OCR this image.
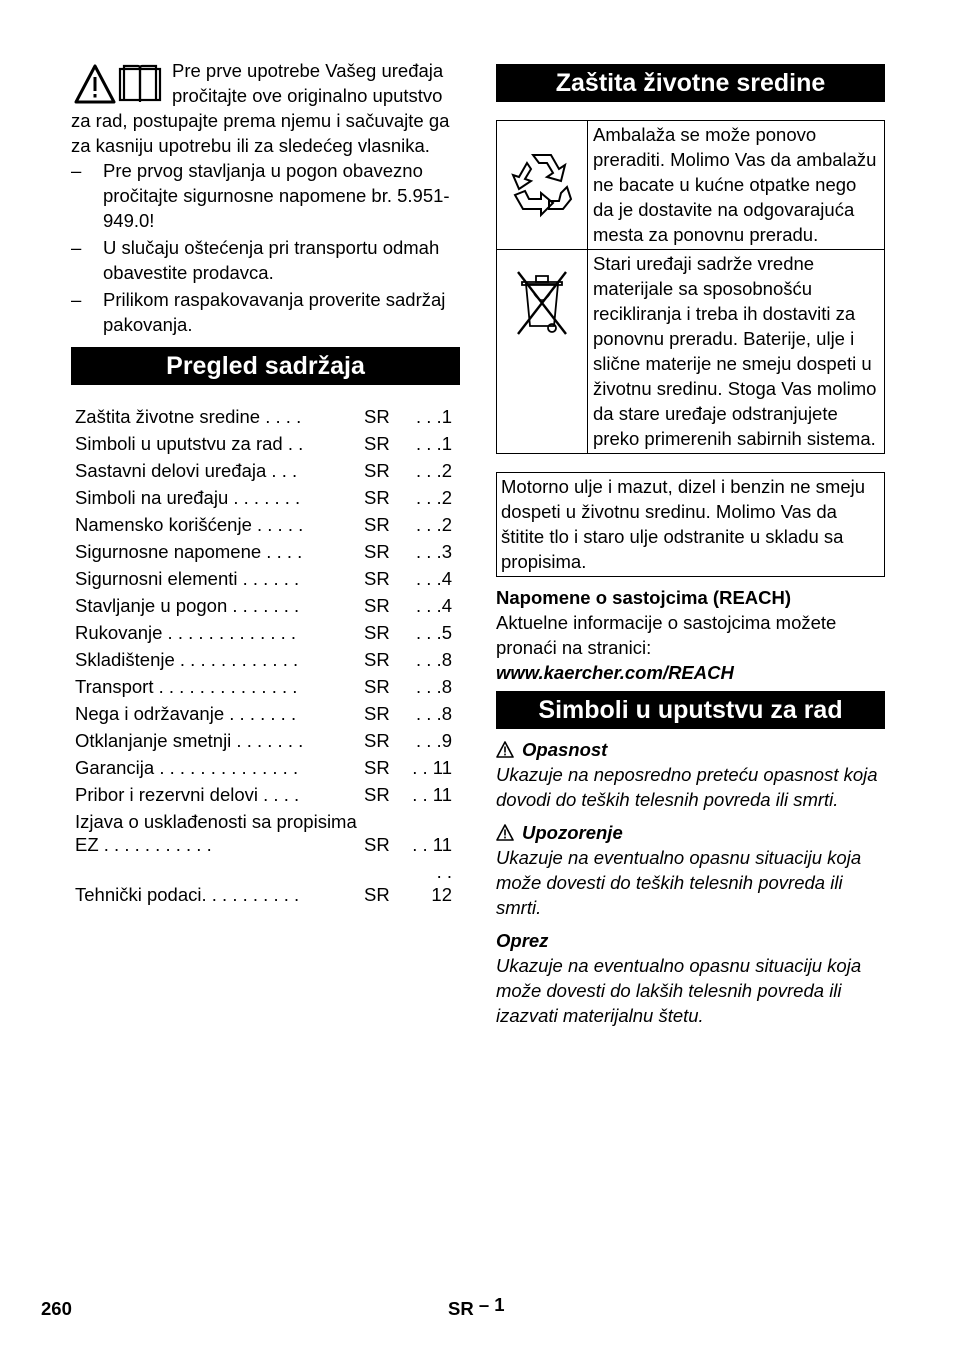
Pre prve upotrebe Vašeg uređaja pročitajte ove originalno uputstvo za rad, postupajte prema njemu i sačuvajte ga za kasniju upotrebu ili za sledećeg vlasnika.

– Pre prvog stavljanja u pogon obavezno pročitajte sigurnosne napomene br. 5.951-949.0!
– U slučaju oštećenja pri transportu odmah obavestite prodavca.
– Prilikom raspakovavanja proverite sadržaj pakovanja.
Pregled sadržaja
Zaštita životne sredine . . . .	SR	. . .1
Simboli u uputstvu za rad . .	SR	. . .1
Sastavni delovi uređaja . . .	SR	. . .2
Simboli na uređaju . . . . . . .	SR	. . .2
Namensko korišćenje . . . . .	SR	. . .2
Sigurnosne napomene . . . .	SR	. . .3
Sigurnosni elementi . . . . . .	SR	. . .4
Stavljanje u pogon . . . . . . .	SR	. . .4
Rukovanje . . . . . . . . . . . . .	SR	. . .5
Skladištenje . . . . . . . . . . . .	SR	. . .8
Transport . . . . . . . . . . . . . .	SR	. . .8
Nega i održavanje . . . . . . .	SR	. . .8
Otklanjanje smetnji . . . . . . .	SR	. . .9
Garancija . . . . . . . . . . . . . .	SR	. . 11
Pribor i rezervni delovi . . . .	SR	. . 11
Izjava o usklađenosti sa propisima EZ . . . . . . . . . . .	SR	. . 11
Tehnički podaci. . . . . . . . . .	SR	. . 12
Zaštita životne sredine
	Ambalaža se može ponovo preraditi. Molimo Vas da ambalažu ne bacate u kućne otpatke nego da je dostavite na odgovarajuća mesta za ponovnu preradu.
	Stari uređaji sadrže vredne materijale sa sposobnošću recikliranja i treba ih dostaviti za ponovnu preradu. Baterije, ulje i slične materije ne smeju dospeti u životnu sredinu. Stoga Vas molimo da stare uređaje odstranjujete preko primerenih sabirnih sistema.
Motorno ulje i mazut, dizel i benzin ne smeju dospeti u životnu sredinu. Molimo Vas da štitite tlo i staro ulje odstranite u skladu sa propisima.

Napomene o sastojcima (REACH)

Aktuelne informacije o sastojcima možete pronaći na stranici:

www.kaercher.com/REACH

Simboli u uputstvu za rad
Opasnost

Ukazuje na neposredno preteću opasnost koja dovodi do teških telesnih povreda ili smrti.

Upozorenje

Ukazuje na eventualno opasnu situaciju koja može dovesti do teških telesnih povreda ili smrti.

Oprez

Ukazuje na eventualno opasnu situaciju koja može dovesti do lakših telesnih povreda ili izazvati materijalnu štetu.

260	SR – 1
